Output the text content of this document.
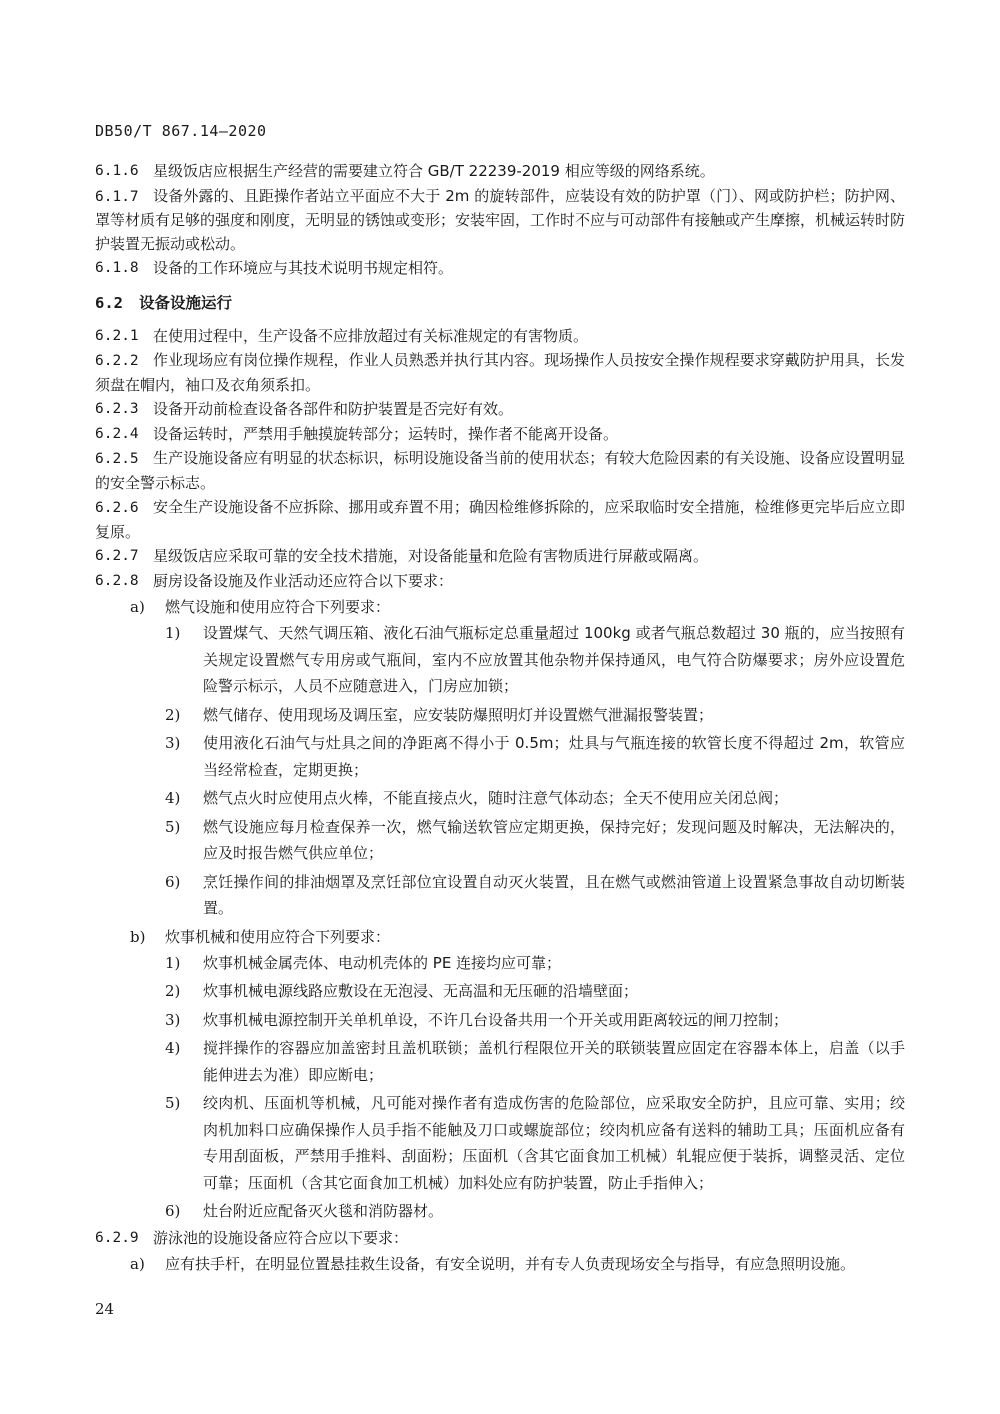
DB50/T 867.14—2020
6.1.6 星级饭店应根据生产经营的需要建立符合 GB/T 22239-2019 相应等级的网络系统。
6.1.7 设备外露的、且距操作者站立平面应不大于 2m 的旋转部件，应装设有效的防护罩（门）、网或防护栏；防护网、罩等材质有足够的强度和刚度，无明显的锈蚀或变形；安装牢固，工作时不应与可动部件有接触或产生摩擦，机械运转时防护装置无振动或松动。
6.1.8 设备的工作环境应与其技术说明书规定相符。
6.2	设备设施运行
6.2.1 在使用过程中，生产设备不应排放超过有关标准规定的有害物质。
6.2.2 作业现场应有岗位操作规程，作业人员熟悉并执行其内容。现场操作人员按安全操作规程要求穿戴防护用具，长发须盘在帽内，袖口及衣角须系扣。
6.2.3 设备开动前检查设备各部件和防护装置是否完好有效。
6.2.4 设备运转时，严禁用手触摸旋转部分；运转时，操作者不能离开设备。
6.2.5 生产设施设备应有明显的状态标识，标明设施设备当前的使用状态；有较大危险因素的有关设施、设备应设置明显的安全警示标志。
6.2.6 安全生产设施设备不应拆除、挪用或弃置不用；确因检维修拆除的，应采取临时安全措施，检维修更完毕后应立即复原。
6.2.7 星级饭店应采取可靠的安全技术措施，对设备能量和危险有害物质进行屏蔽或隔离。
6.2.8 厨房设备设施及作业活动还应符合以下要求：
a)	燃气设施和使用应符合下列要求：
1)	设置煤气、天然气调压箱、液化石油气瓶标定总重量超过 100kg 或者气瓶总数超过 30 瓶的，应当按照有关规定设置燃气专用房或气瓶间，室内不应放置其他杂物并保持通风，电气符合防爆要求；房外应设置危险警示标示，人员不应随意进入，门房应加锁；
2)	燃气储存、使用现场及调压室，应安装防爆照明灯并设置燃气泄漏报警装置；
3)	使用液化石油气与灶具之间的净距离不得小于 0.5m；灶具与气瓶连接的软管长度不得超过 2m，软管应当经常检查，定期更换；
4)	燃气点火时应使用点火棒，不能直接点火，随时注意气体动态；全天不使用应关闭总阀；
5)	燃气设施应每月检查保养一次，燃气输送软管应定期更换，保持完好；发现问题及时解决，无法解决的，应及时报告燃气供应单位；
6)	烹饪操作间的排油烟罩及烹饪部位宜设置自动灭火装置，且在燃气或燃油管道上设置紧急事故自动切断装置。
b)	炊事机械和使用应符合下列要求：
1)	炊事机械金属壳体、电动机壳体的 PE 连接均应可靠；
2)	炊事机械电源线路应敷设在无泡浸、无高温和无压砸的沿墙壁面；
3)	炊事机械电源控制开关单机单设，不许几台设备共用一个开关或用距离较远的闸刀控制；
4)	搅拌操作的容器应加盖密封且盖机联锁；盖机行程限位开关的联锁装置应固定在容器本体上，启盖（以手能伸进去为准）即应断电；
5)	绞肉机、压面机等机械，凡可能对操作者有造成伤害的危险部位，应采取安全防护，且应可靠、实用；绞肉机加料口应确保操作人员手指不能触及刀口或螺旋部位；绞肉机应备有送料的辅助工具；压面机应备有专用刮面板，严禁用手推料、刮面粉；压面机（含其它面食加工机械）轧辊应便于装拆，调整灵活、定位可靠；压面机（含其它面食加工机械）加料处应有防护装置，防止手指伸入；
6)	灶台附近应配备灭火毯和消防器材。
6.2.9 游泳池的设施设备应符合应以下要求：
a)	应有扶手杆，在明显位置悬挂救生设备，有安全说明，并有专人负责现场安全与指导，有应急照明设施。
24
